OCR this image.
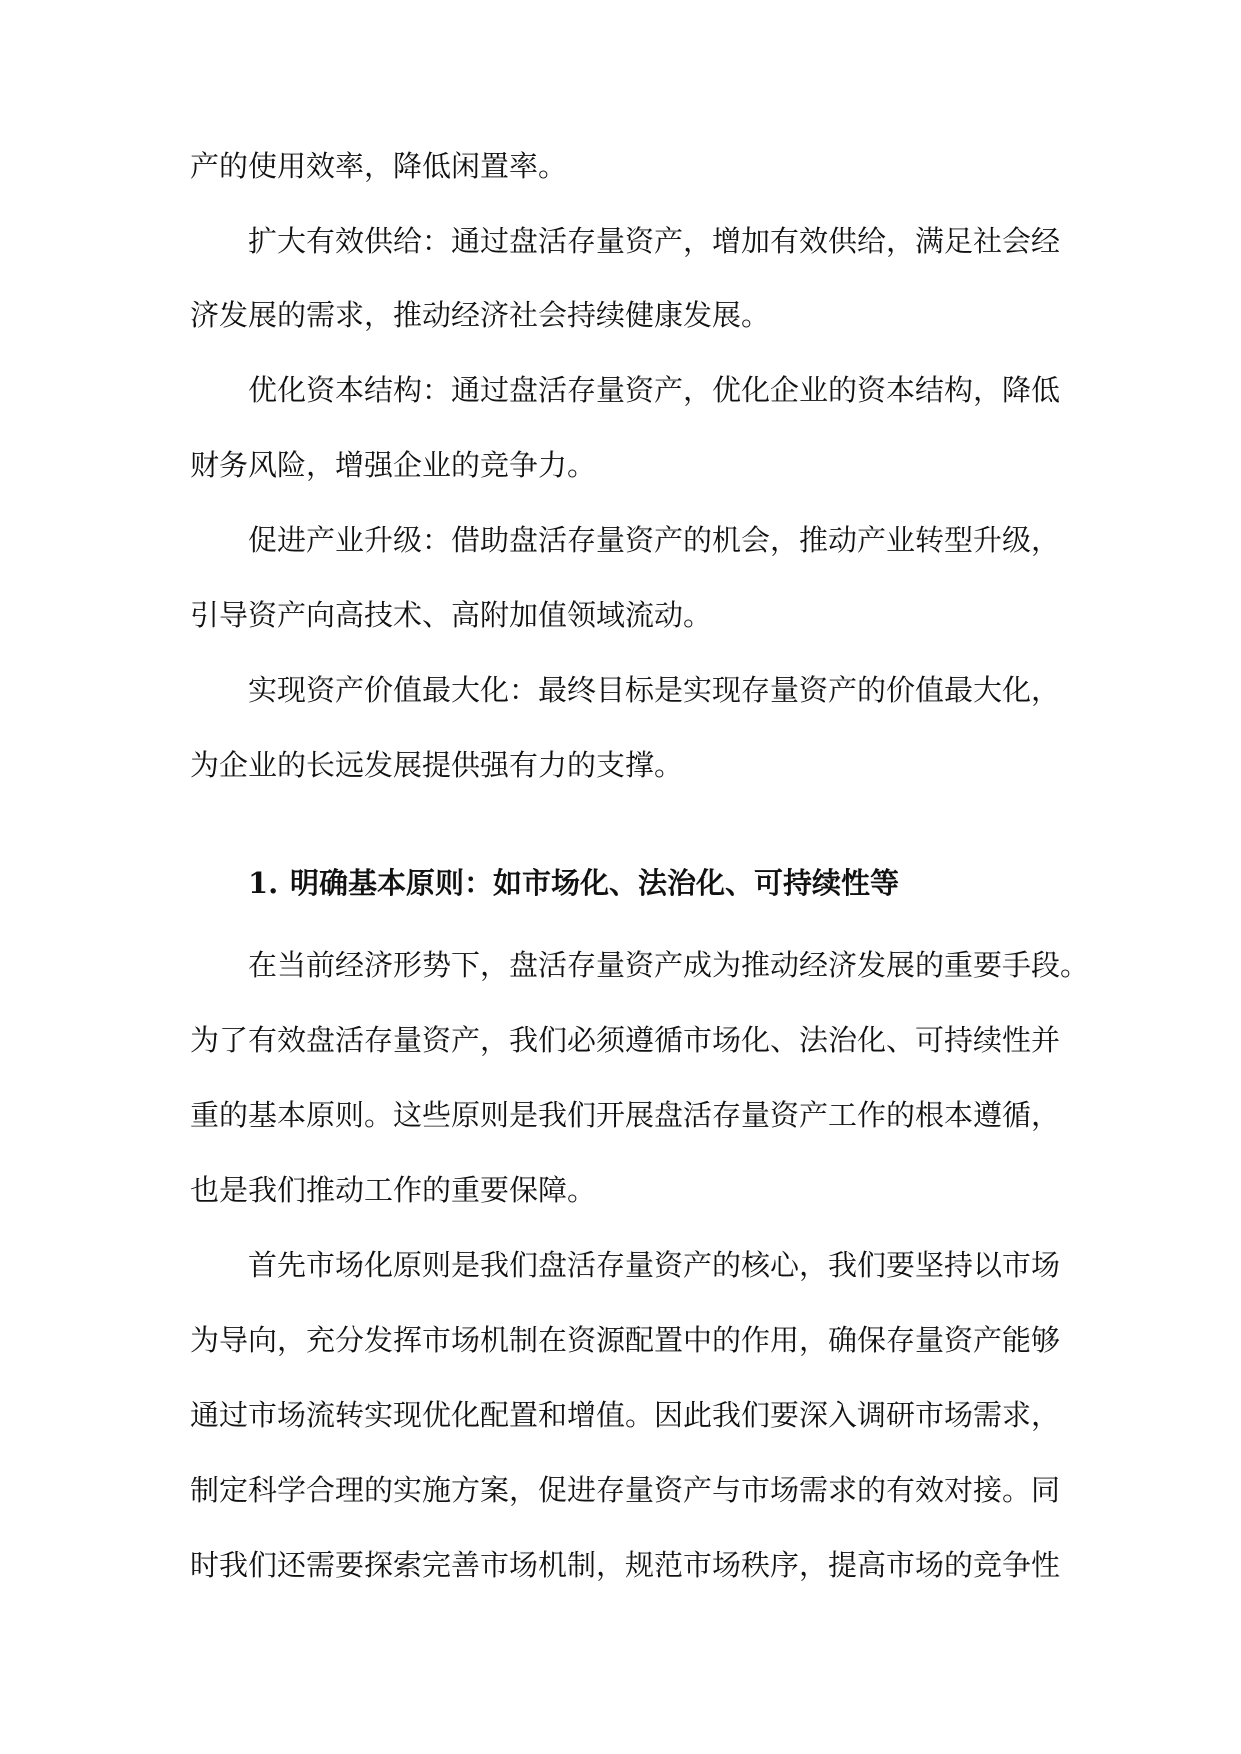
产的使用效率，降低闲置率。
扩大有效供给：通过盘活存量资产，增加有效供给，满足社会经
济发展的需求，推动经济社会持续健康发展。
优化资本结构：通过盘活存量资产，优化企业的资本结构，降低
财务风险，增强企业的竞争力。
促进产业升级：借助盘活存量资产的机会，推动产业转型升级，
引导资产向高技术、高附加值领域流动。
实现资产价值最大化：最终目标是实现存量资产的价值最大化，
为企业的长远发展提供强有力的支撑。
1. 明确基本原则：如市场化、法治化、可持续性等
在当前经济形势下，盘活存量资产成为推动经济发展的重要手段。
为了有效盘活存量资产，我们必须遵循市场化、法治化、可持续性并
重的基本原则。这些原则是我们开展盘活存量资产工作的根本遵循，
也是我们推动工作的重要保障。
首先市场化原则是我们盘活存量资产的核心，我们要坚持以市场
为导向，充分发挥市场机制在资源配置中的作用，确保存量资产能够
通过市场流转实现优化配置和增值。因此我们要深入调研市场需求，
制定科学合理的实施方案，促进存量资产与市场需求的有效对接。同
时我们还需要探索完善市场机制，规范市场秩序，提高市场的竞争性
